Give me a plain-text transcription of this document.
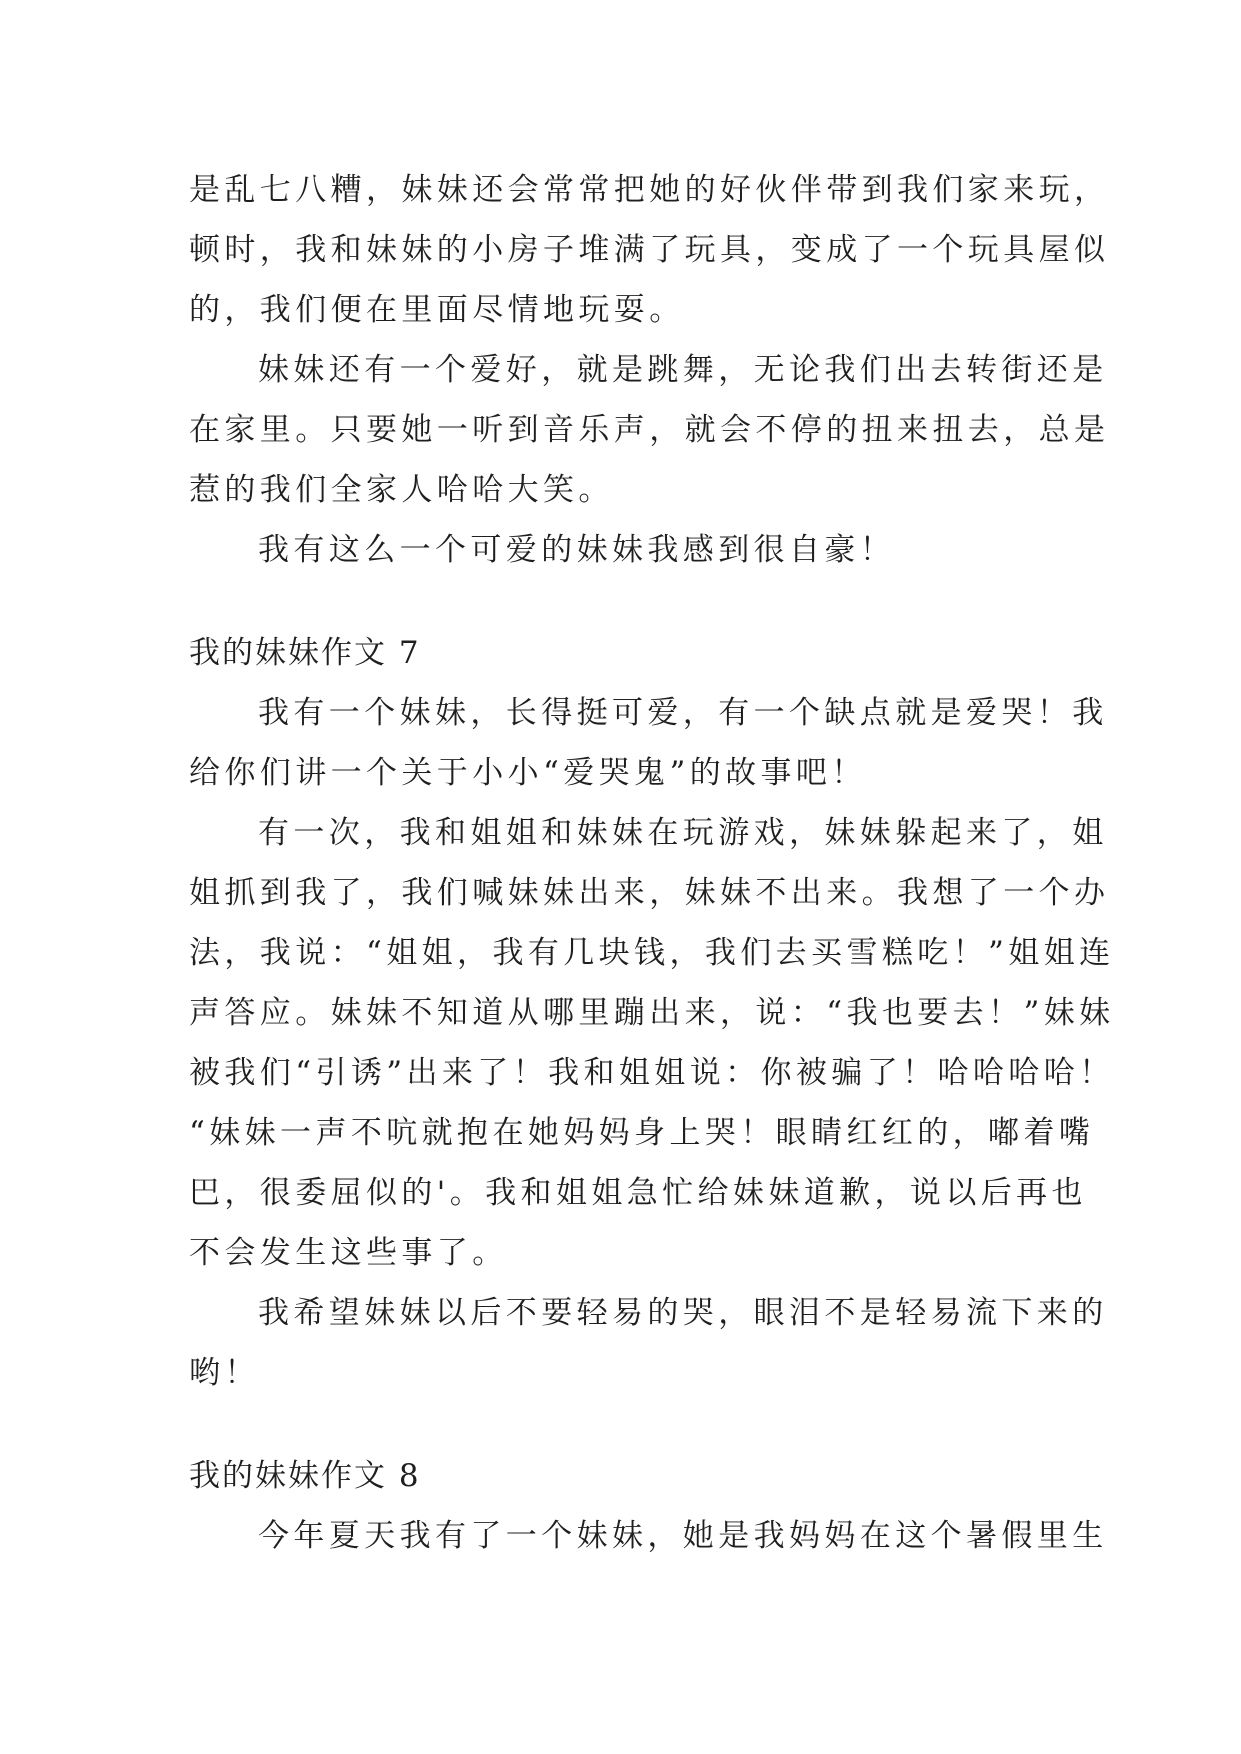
是乱七八糟，妹妹还会常常把她的好伙伴带到我们家来玩，
顿时，我和妹妹的小房子堆满了玩具，变成了一个玩具屋似
的，我们便在里面尽情地玩耍。
妹妹还有一个爱好，就是跳舞，无论我们出去转街还是
在家里。只要她一听到音乐声，就会不停的扭来扭去，总是
惹的我们全家人哈哈大笑。
我有这么一个可爱的妹妹我感到很自豪！
我的妹妹作文 7
我有一个妹妹，长得挺可爱，有一个缺点就是爱哭！我
给你们讲一个关于小小“爱哭鬼”的故事吧！
有一次，我和姐姐和妹妹在玩游戏，妹妹躲起来了，姐
姐抓到我了，我们喊妹妹出来，妹妹不出来。我想了一个办
法，我说：“姐姐，我有几块钱，我们去买雪糕吃！”姐姐连
声答应。妹妹不知道从哪里蹦出来，说：“我也要去！”妹妹
被我们“引诱”出来了！我和姐姐说：你被骗了！哈哈哈哈！
“妹妹一声不吭就抱在她妈妈身上哭！眼睛红红的，嘟着嘴
巴，很委屈似的'。我和姐姐急忙给妹妹道歉，说以后再也
不会发生这些事了。
我希望妹妹以后不要轻易的哭，眼泪不是轻易流下来的
哟！
我的妹妹作文 8
今年夏天我有了一个妹妹，她是我妈妈在这个暑假里生
